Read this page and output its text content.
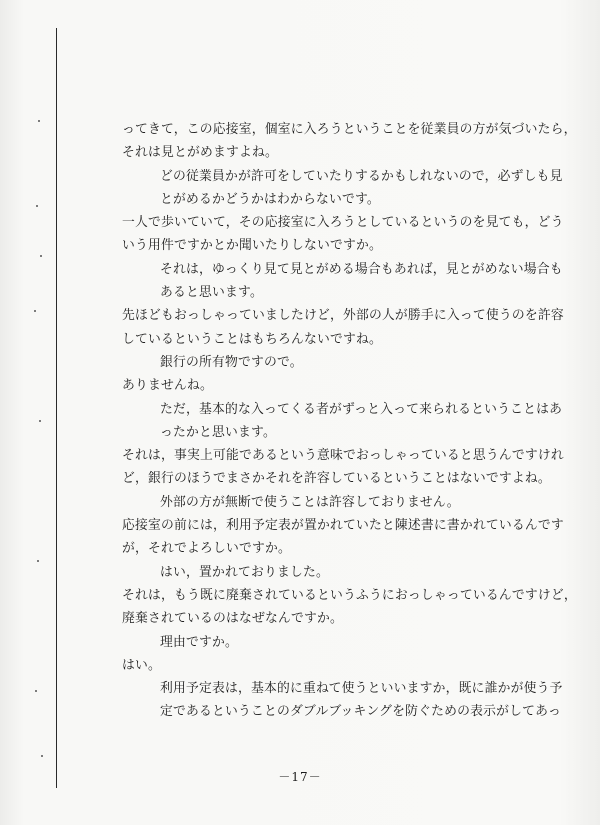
ってきて，この応接室，個室に入ろうということを従業員の方が気づいたら，
それは見とがめますよね。
どの従業員かが許可をしていたりするかもしれないので，必ずしも見
とがめるかどうかはわからないです。
一人で歩いていて，その応接室に入ろうとしているというのを見ても，どう
いう用件ですかとか聞いたりしないですか。
それは，ゆっくり見て見とがめる場合もあれば，見とがめない場合も
あると思います。
先ほどもおっしゃっていましたけど，外部の人が勝手に入って使うのを許容
しているということはもちろんないですね。
銀行の所有物ですので。
ありませんね。
ただ，基本的な入ってくる者がずっと入って来られるということはあ
ったかと思います。
それは，事実上可能であるという意味でおっしゃっていると思うんですけれ
ど，銀行のほうでまさかそれを許容しているということはないですよね。
外部の方が無断で使うことは許容しておりません。
応接室の前には，利用予定表が置かれていたと陳述書に書かれているんです
が，それでよろしいですか。
はい，置かれておりました。
それは，もう既に廃棄されているというふうにおっしゃっているんですけど，
廃棄されているのはなぜなんですか。
理由ですか。
はい。
利用予定表は，基本的に重ねて使うといいますか，既に誰かが使う予
定であるということのダブルブッキングを防ぐための表示がしてあっ
－17－
